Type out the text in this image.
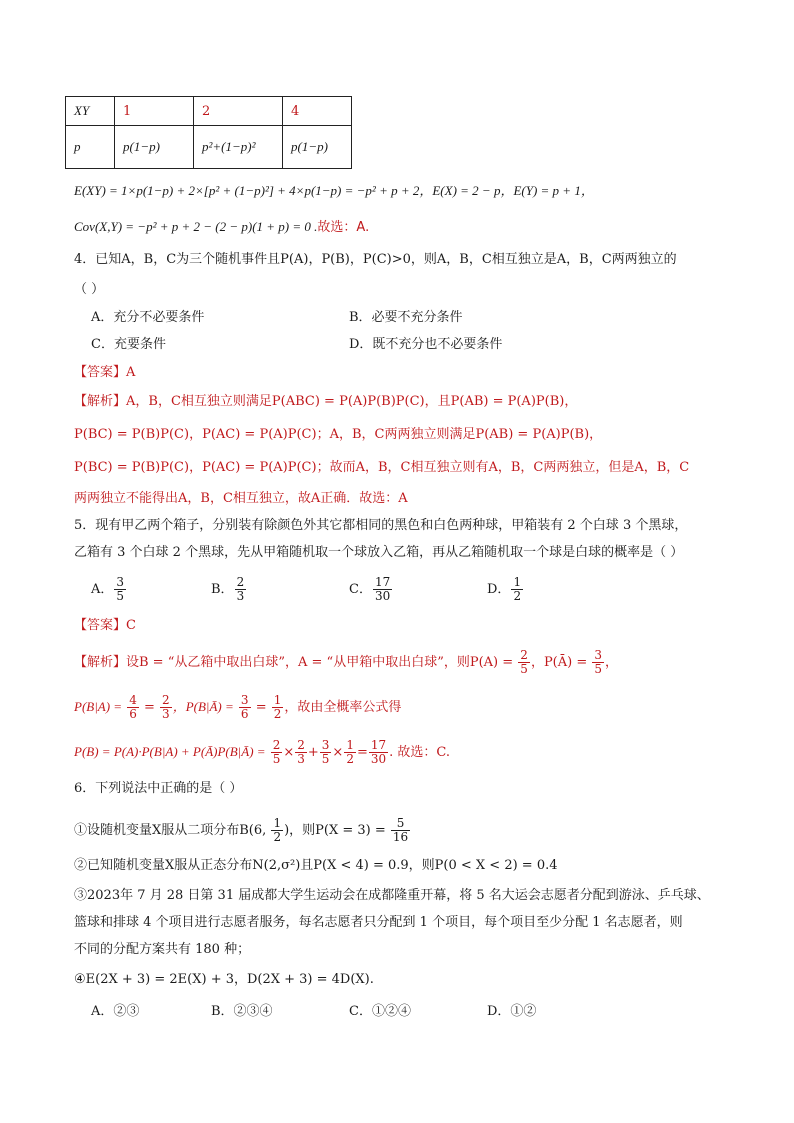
XY	1	2	4
p	p(1−p)	p²+(1−p)²	p(1−p)
E(XY) = 1×p(1−p) + 2×[p² + (1−p)²] + 4×p(1−p) = −p² + p + 2，E(X) = 2 − p，E(Y) = p + 1，
Cov(X,Y) = −p² + p + 2 − (2 − p)(1 + p) = 0 .故选：A.
4．已知A，B，C为三个随机事件且P(A)，P(B)，P(C)>0，则A，B，C相互独立是A，B，C两两独立的
（ ）
A．充分不必要条件	B．必要不充分条件
C．充要条件	D．既不充分也不必要条件
【答案】A
【解析】A，B，C相互独立则满足P(ABC) = P(A)P(B)P(C)，且P(AB) = P(A)P(B)，
P(BC) = P(B)P(C)，P(AC) = P(A)P(C)；A，B，C两两独立则满足P(AB) = P(A)P(B)，
P(BC) = P(B)P(C)，P(AC) = P(A)P(C)；故而A，B，C相互独立则有A，B，C两两独立，但是A，B，C
两两独立不能得出A，B，C相互独立，故A正确．故选：A
5．现有甲乙两个箱子，分别装有除颜色外其它都相同的黑色和白色两种球，甲箱装有 2 个白球 3 个黑球，
乙箱有 3 个白球 2 个黑球，先从甲箱随机取一个球放入乙箱，再从乙箱随机取一个球是白球的概率是（ ）
A． $\frac{3}{5}$	B． $\frac{2}{3}$	C． $\frac{17}{30}$	D． $\frac{1}{2}$
【答案】C
【解析】设B = “从乙箱中取出白球”，A = “从甲箱中取出白球”，则$P(A) = \frac{2}{5}$ ，P(Ā) = $\frac{3}{5}$ ，
$P(B|A) = \frac{4}{6} = \frac{2}{3}$ ，P(B|Ā) = $\frac{3}{6} = \frac{1}{2}$ ，故由全概率公式得
P(B) = P(A)·P(B|A) + P(Ā)P(B|Ā) = $\frac{2}{5} \times \frac{2}{3} + \frac{3}{5} \times \frac{1}{2} = \frac{17}{30}$ . 故选：C.
6．下列说法中正确的是（ ）
①设随机变量X服从二项分布B(6, $\frac{1}{2}$ )，则$P(X = 3) = \frac{5}{16}$
②已知随机变量X服从正态分布N(2,σ²)且P(X < 4) = 0.9，则P(0 < X < 2) = 0.4
③2023年 7 月 28 日第 31 届成都大学生运动会在成都隆重开幕，将 5 名大运会志愿者分配到游泳、乒乓球、
篮球和排球 4 个项目进行志愿者服务，每名志愿者只分配到 1 个项目，每个项目至少分配 1 名志愿者，则
不同的分配方案共有 180 种；
④E(2X + 3) = 2E(X) + 3，D(2X + 3) = 4D(X).
A．②③	B．②③④	C．①②④	D．①②
